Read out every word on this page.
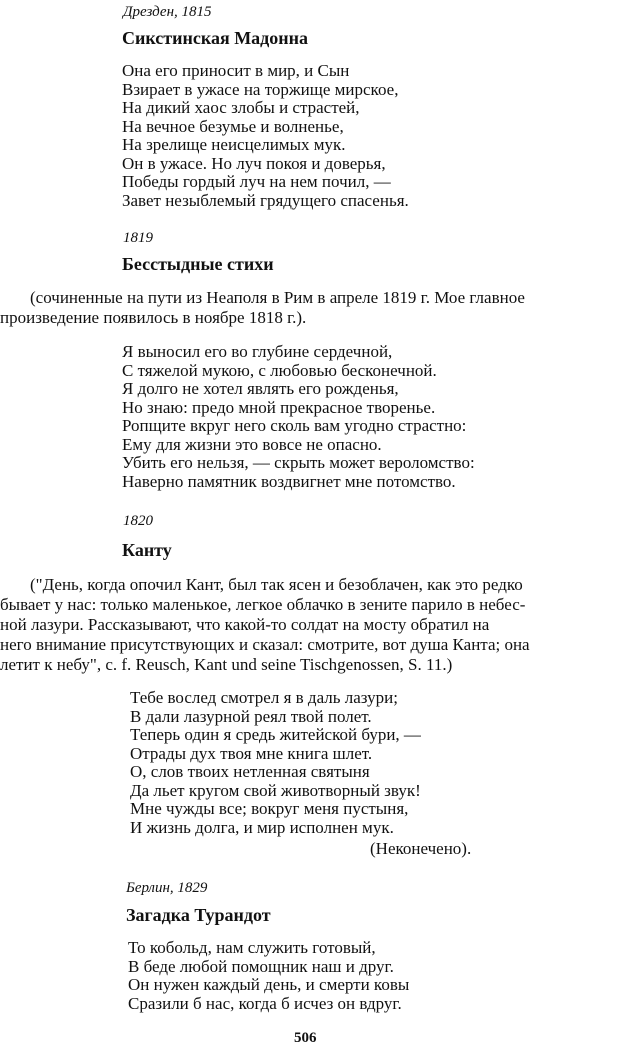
Дрезден, 1815
Сикстинская Мадонна
Она его приносит в мир, и Сын
Взирает в ужасе на торжище мирское,
На дикий хаос злобы и страстей,
На вечное безумье и волненье,
На зрелище неисцелимых мук.
Он в ужасе. Но луч покоя и доверья,
Победы гордый луч на нем почил, —
Завет незыблемый грядущего спасенья.
1819
Бесстыдные стихи
(сочиненные на пути из Неаполя в Рим в апреле 1819 г. Мое главное
произведение появилось в ноябре 1818 г.).
Я выносил его во глубине сердечной,
С тяжелой мукою, с любовью бесконечной.
Я долго не хотел являть его рожденья,
Но знаю: предо мной прекрасное творенье.
Ропщите вкруг него сколь вам угодно страстно:
Ему для жизни это вовсе не опасно.
Убить его нельзя, — скрыть может вероломство:
Наверно памятник воздвигнет мне потомство.
1820
Канту
("День, когда опочил Кант, был так ясен и безоблачен, как это редко
бывает у нас: только маленькое, легкое облачко в зените парило в небес-
ной лазури. Рассказывают, что какой-то солдат на мосту обратил на
него внимание присутствующих и сказал: смотрите, вот душа Канта; она
летит к небу", c. f. Reusch, Kant und seine Tischgenossen, S. 11.)
Тебе вослед смотрел я в даль лазури;
В дали лазурной реял твой полет.
Теперь один я средь житейской бури, —
Отрады дух твоя мне книга шлет.
О, слов твоих нетленная святыня
Да льет кругом свой животворный звук!
Мне чужды все; вокруг меня пустыня,
И жизнь долга, и мир исполнен мук.
(Неконечено).
Берлин, 1829
Загадка Турандот
То кобольд, нам служить готовый,
В беде любой помощник наш и друг.
Он нужен каждый день, и смерти ковы
Сразили б нас, когда б исчез он вдруг.
506
